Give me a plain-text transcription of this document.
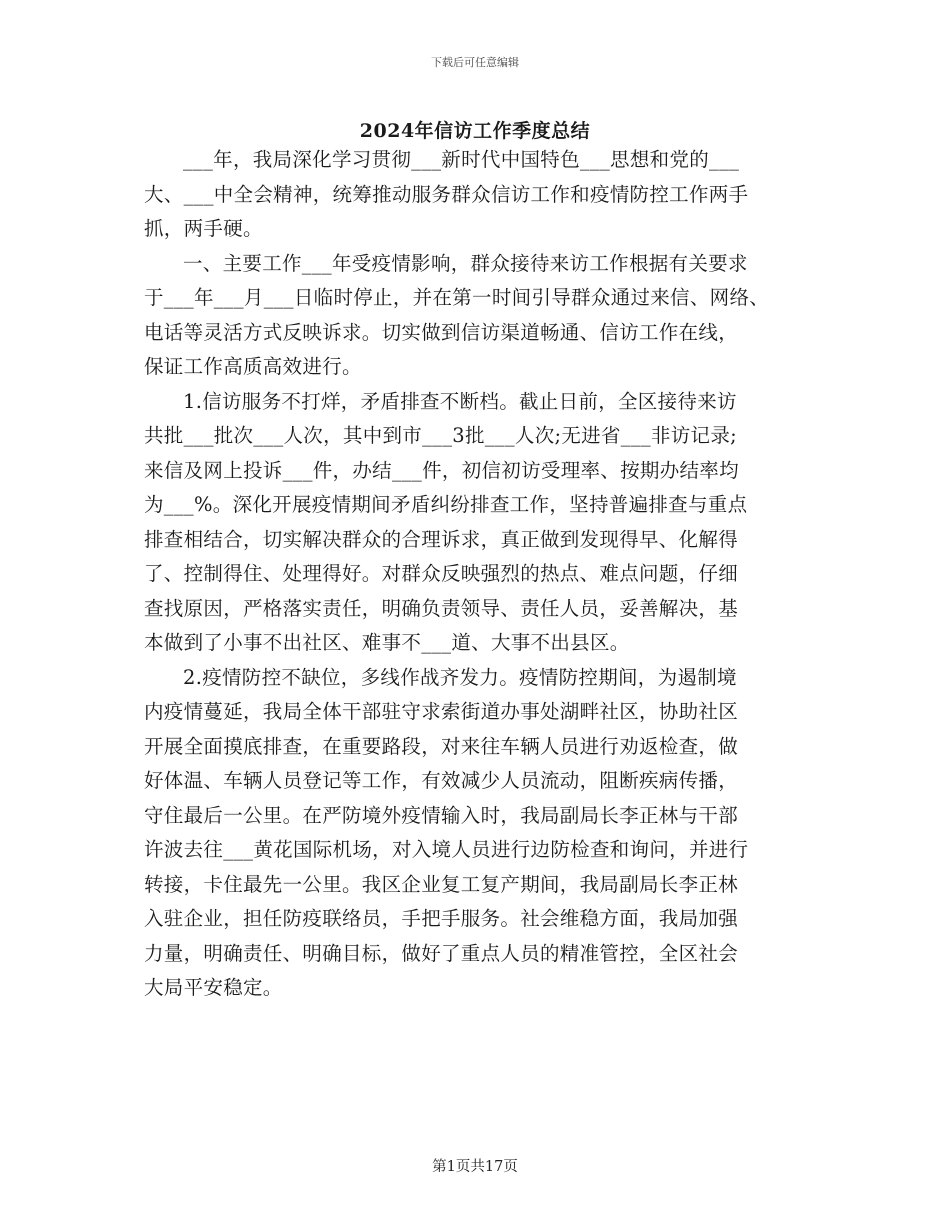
下载后可任意编辑
2024年信访工作季度总结
___年，我局深化学习贯彻___新时代中国特色___思想和党的___
大、___中全会精神，统筹推动服务群众信访工作和疫情防控工作两手
抓，两手硬。
一、主要工作___年受疫情影响，群众接待来访工作根据有关要求
于___年___月___日临时停止，并在第一时间引导群众通过来信、网络、
电话等灵活方式反映诉求。切实做到信访渠道畅通、信访工作在线，
保证工作高质高效进行。
1.信访服务不打烊，矛盾排查不断档。截止日前，全区接待来访
共批___批次___人次，其中到市___3批___人次;无进省___非访记录;
来信及网上投诉___件，办结___件，初信初访受理率、按期办结率均
为___%。深化开展疫情期间矛盾纠纷排查工作，坚持普遍排查与重点
排查相结合，切实解决群众的合理诉求，真正做到发现得早、化解得
了、控制得住、处理得好。对群众反映强烈的热点、难点问题，仔细
查找原因，严格落实责任，明确负责领导、责任人员，妥善解决，基
本做到了小事不出社区、难事不___道、大事不出县区。
2.疫情防控不缺位，多线作战齐发力。疫情防控期间，为遏制境
内疫情蔓延，我局全体干部驻守求索街道办事处湖畔社区，协助社区
开展全面摸底排查，在重要路段，对来往车辆人员进行劝返检查，做
好体温、车辆人员登记等工作，有效减少人员流动，阻断疾病传播，
守住最后一公里。在严防境外疫情输入时，我局副局长李正林与干部
许波去往___黄花国际机场，对入境人员进行边防检查和询问，并进行
转接，卡住最先一公里。我区企业复工复产期间，我局副局长李正林
入驻企业，担任防疫联络员，手把手服务。社会维稳方面，我局加强
力量，明确责任、明确目标，做好了重点人员的精准管控，全区社会
大局平安稳定。
第1页共17页
